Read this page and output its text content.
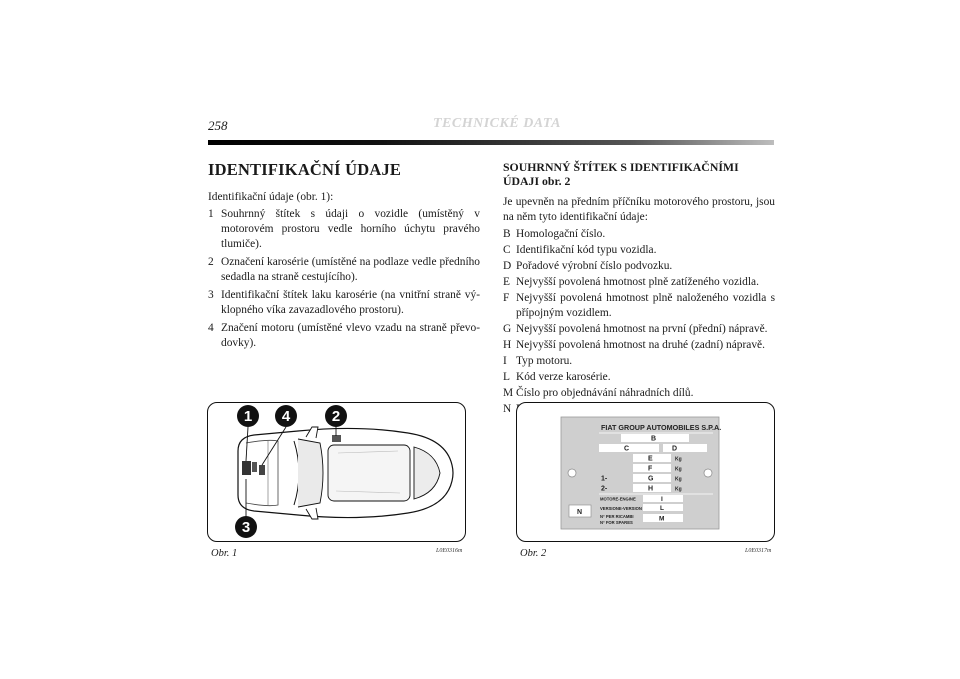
258	TECHNICKÉ DATA
IDENTIFIKAČNÍ ÚDAJE

Identifikační údaje (obr. 1):

1 Souhrnný štítek s údaji o vozidle (umístěný v motorovém prostoru vedle horního úchytu pravého tlumiče).
2 Označení karosérie (umístěné na podlaze vedle předního sedadla na straně cestujícího).
3 Identifikační štítek laku karosérie (na vnitřní straně vý-klopného víka zavazadlového prostoru).
4 Značení motoru (umístěné vlevo vzadu na straně převo-dovky).
SOUHRNNÝ ŠTÍTEK S IDENTIFIKAČNÍMI ÚDAJI obr. 2

Je upevněn na předním příčníku motorového prostoru, jsou na něm tyto identifikační údaje:

B Homologační číslo.
C Identifikační kód typu vozidla.
D Pořadové výrobní číslo podvozku.
E Nejvyšší povolená hmotnost plně zatíženého vozidla.
F Nejvyšší povolená hmotnost plně naloženého vozidla s přípojným vozidlem.
G Nejvyšší povolená hmotnost na první (přední) nápravě.
H Nejvyšší povolená hmotnost na druhé (zadní) nápravě.
I Typ motoru.
L Kód verze karosérie.
M Číslo pro objednávání náhradních dílů.
N
1 4	2
3
Obr. 1	L0E0316m
FIAT GROUP AUTOMOBILES S.P.A.
B
C	D
E	Kg
F	Kg
1-	G	Kg
2-	H	Kg
MOTORE-ENGINE	I
VERSIONE-VERSION	L
N° PER RICAMBI
N° FOR SPARES	M
N
Obr. 2	L0E0317m
